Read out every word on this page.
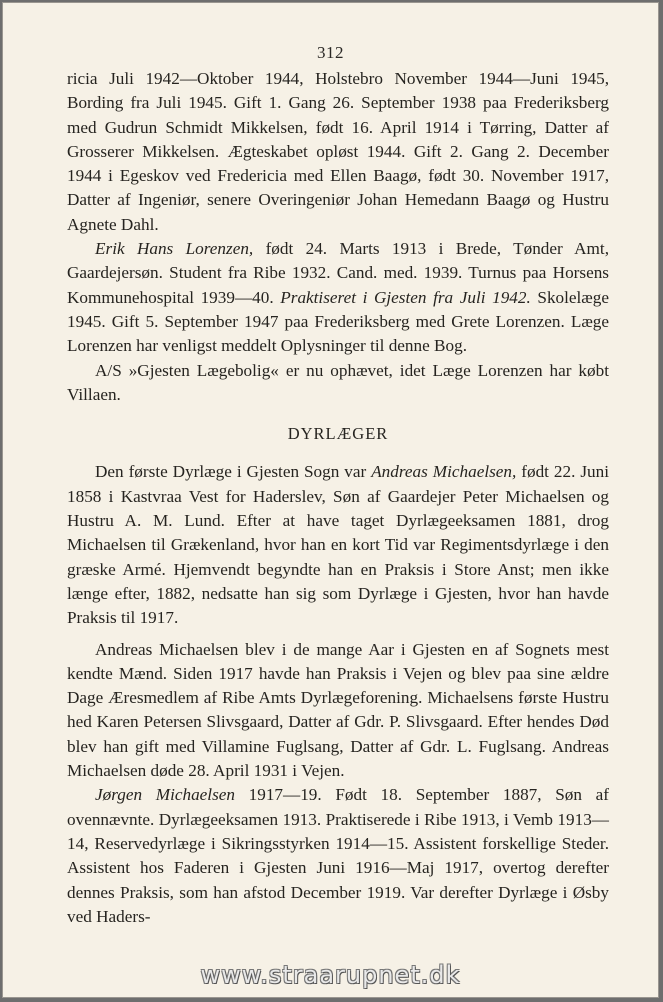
312

ricia Juli 1942—Oktober 1944, Holstebro November 1944—Juni 1945, Bording fra Juli 1945. Gift 1. Gang 26. September 1938 paa Frederiksberg med Gudrun Schmidt Mikkelsen, født 16. April 1914 i Tørring, Datter af Grosserer Mikkelsen. Ægteskabet opløst 1944. Gift 2. Gang 2. December 1944 i Egeskov ved Fredericia med Ellen Baagø, født 30. November 1917, Datter af Ingeniør, senere Overingeniør Johan Hemedann Baagø og Hustru Agnete Dahl.

Erik Hans Lorenzen, født 24. Marts 1913 i Brede, Tønder Amt, Gaardejersøn. Student fra Ribe 1932. Cand. med. 1939. Turnus paa Horsens Kommunehospital 1939—40. Praktiseret i Gjesten fra Juli 1942. Skolelæge 1945. Gift 5. September 1947 paa Frederiksberg med Grete Lorenzen. Læge Lorenzen har venligst meddelt Oplysninger til denne Bog.

A/S »Gjesten Lægebolig« er nu ophævet, idet Læge Lorenzen har købt Villaen.

DYRLÆGER

Den første Dyrlæge i Gjesten Sogn var Andreas Michaelsen, født 22. Juni 1858 i Kastvraa Vest for Haderslev, Søn af Gaardejer Peter Michaelsen og Hustru A. M. Lund. Efter at have taget Dyrlægeeksamen 1881, drog Michaelsen til Grækenland, hvor han en kort Tid var Regimentsdyrlæge i den græske Armé. Hjemvendt begyndte han en Praksis i Store Anst; men ikke længe efter, 1882, nedsatte han sig som Dyrlæge i Gjesten, hvor han havde Praksis til 1917.

Andreas Michaelsen blev i de mange Aar i Gjesten en af Sognets mest kendte Mænd. Siden 1917 havde han Praksis i Vejen og blev paa sine ældre Dage Æresmedlem af Ribe Amts Dyrlægeforening. Michaelsens første Hustru hed Karen Petersen Slivsgaard, Datter af Gdr. P. Slivsgaard. Efter hendes Død blev han gift med Villamine Fuglsang, Datter af Gdr. L. Fuglsang. Andreas Michaelsen døde 28. April 1931 i Vejen.

Jørgen Michaelsen 1917—19. Født 18. September 1887, Søn af ovennævnte. Dyrlægeeksamen 1913. Praktiserede i Ribe 1913, i Vemb 1913—14, Reservedyrlæge i Sikringsstyrken 1914—15. Assistent forskellige Steder. Assistent hos Faderen i Gjesten Juni 1916—Maj 1917, overtog derefter dennes Praksis, som han afstod December 1919. Var derefter Dyrlæge i Øsby ved Haders-

www.straarupnet.dk
